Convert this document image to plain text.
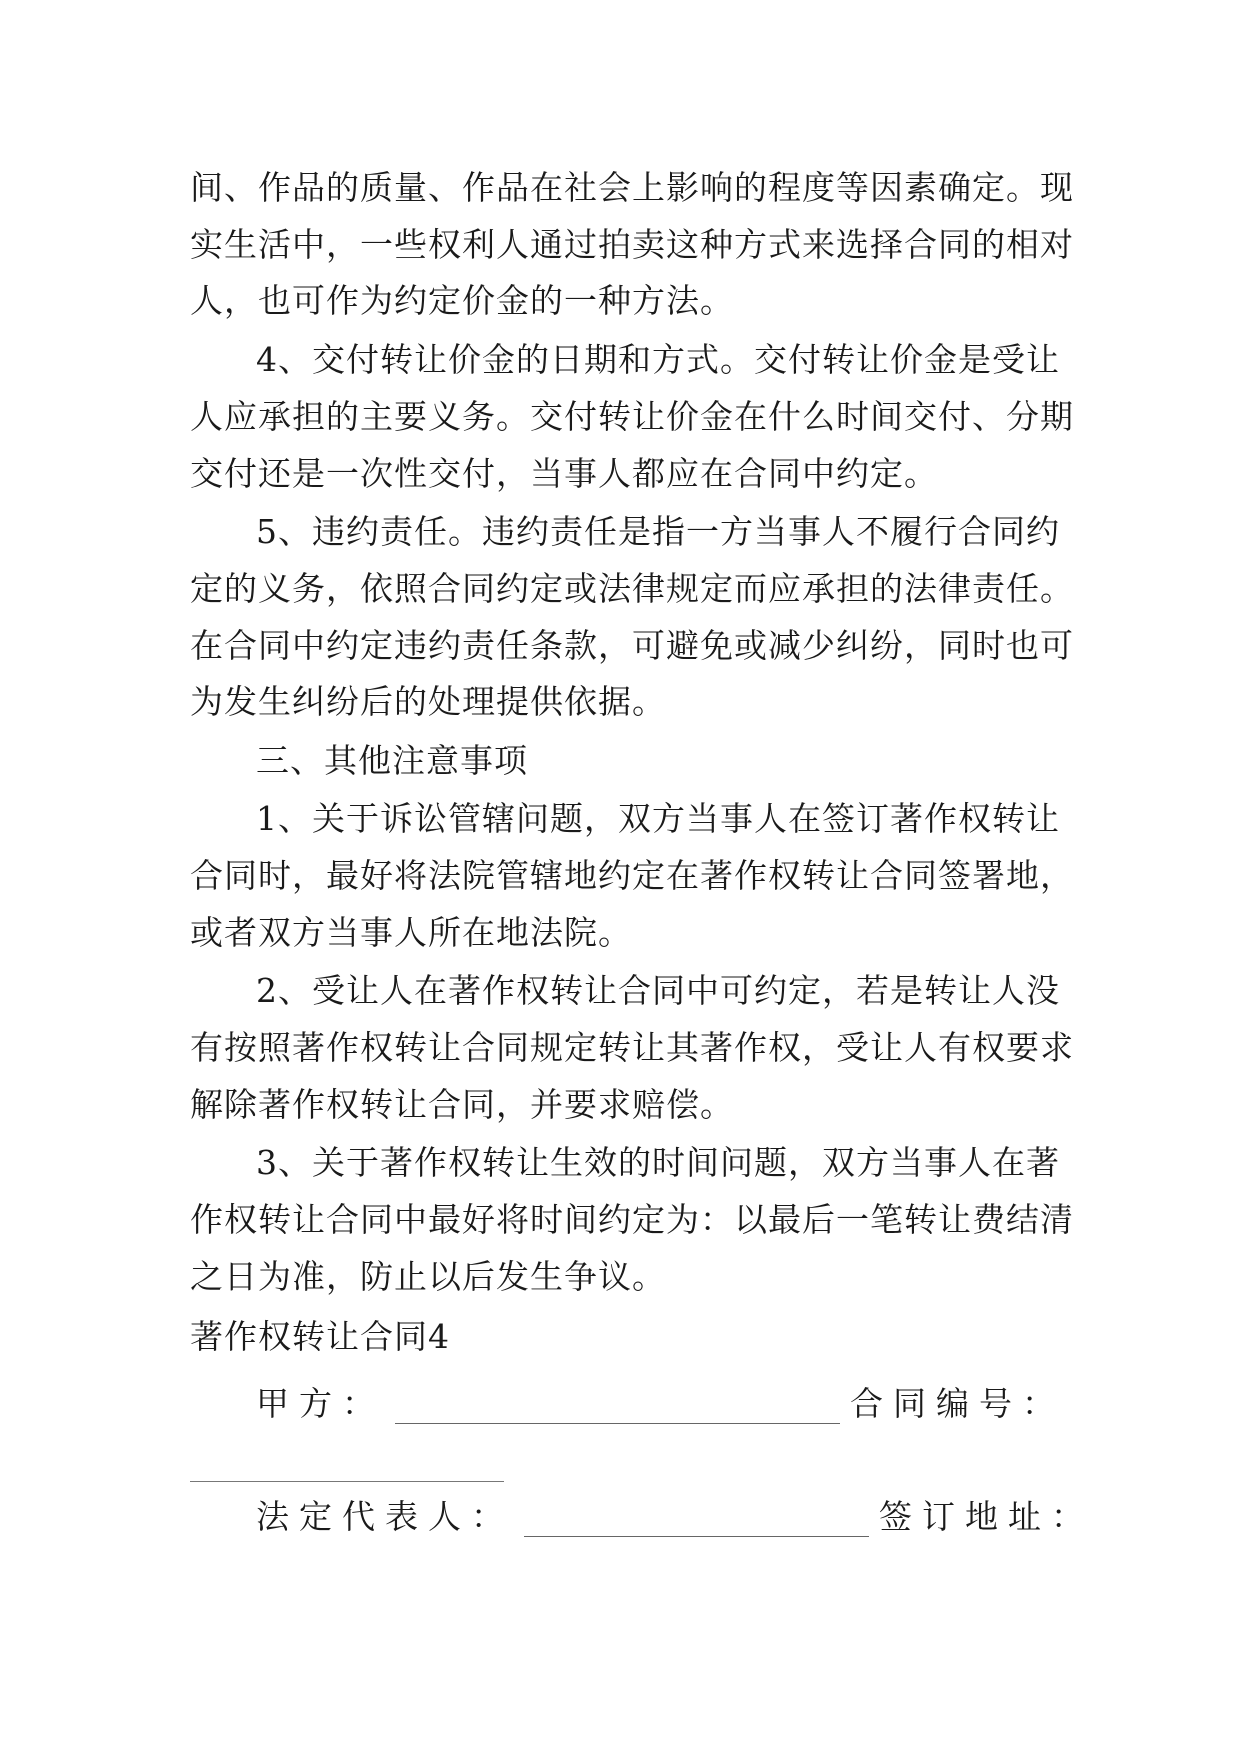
间、作品的质量、作品在社会上影响的程度等因素确定。现
实生活中，一些权利人通过拍卖这种方式来选择合同的相对
人，也可作为约定价金的一种方法。
4、交付转让价金的日期和方式。交付转让价金是受让
人应承担的主要义务。交付转让价金在什么时间交付、分期
交付还是一次性交付，当事人都应在合同中约定。
5、违约责任。违约责任是指一方当事人不履行合同约
定的义务，依照合同约定或法律规定而应承担的法律责任。
在合同中约定违约责任条款，可避免或减少纠纷，同时也可
为发生纠纷后的处理提供依据。
三、其他注意事项
1、关于诉讼管辖问题，双方当事人在签订著作权转让
合同时，最好将法院管辖地约定在著作权转让合同签署地，
或者双方当事人所在地法院。
2、受让人在著作权转让合同中可约定，若是转让人没
有按照著作权转让合同规定转让其著作权，受让人有权要求
解除著作权转让合同，并要求赔偿。
3、关于著作权转让生效的时间问题，双方当事人在著
作权转让合同中最好将时间约定为：以最后一笔转让费结清
之日为准，防止以后发生争议。
著作权转让合同4
甲方：	合同编号：
法定代表人：	签订地址：
